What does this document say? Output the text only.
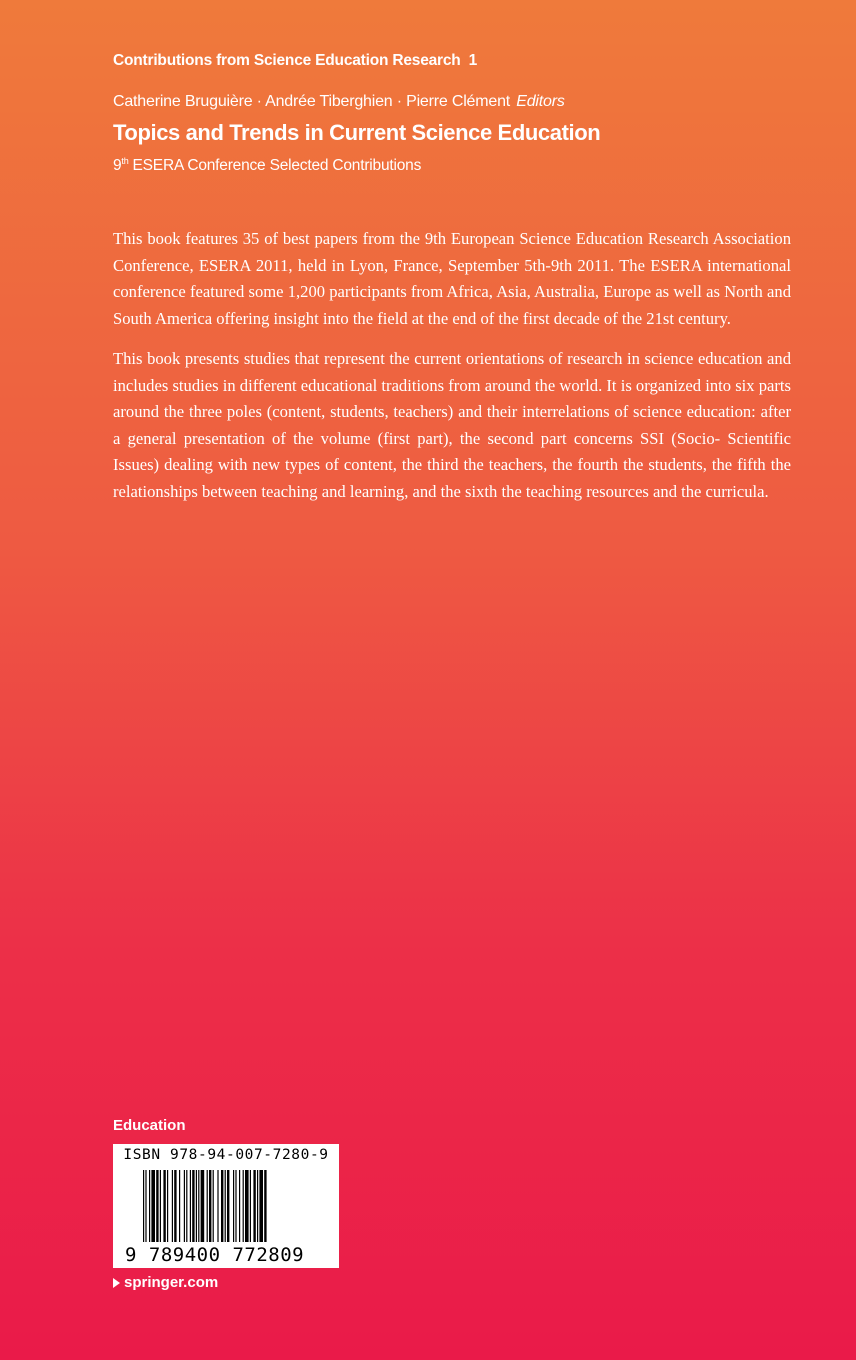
Contributions from Science Education Research 1
Catherine Bruguière · Andrée Tiberghien · Pierre Clément Editors
Topics and Trends in Current Science Education
9th ESERA Conference Selected Contributions

This book features 35 of best papers from the 9th European Science Education Research Association Conference, ESERA 2011, held in Lyon, France, September 5th-9th 2011. The ESERA international conference featured some 1,200 participants from Africa, Asia, Australia, Europe as well as North and South America offering insight into the field at the end of the first decade of the 21st century.

This book presents studies that represent the current orientations of research in science education and includes studies in different educational traditions from around the world. It is organized into six parts around the three poles (content, students, teachers) and their interrelations of science education: after a general presentation of the volume (first part), the second part concerns SSI (Socio- Scientific Issues) dealing with new types of content, the third the teachers, the fourth the students, the fifth the relationships between teaching and learning, and the sixth the teaching resources and the curricula.

Education
ISBN 978-94-007-7280-9
9 789400 772809
springer.com
